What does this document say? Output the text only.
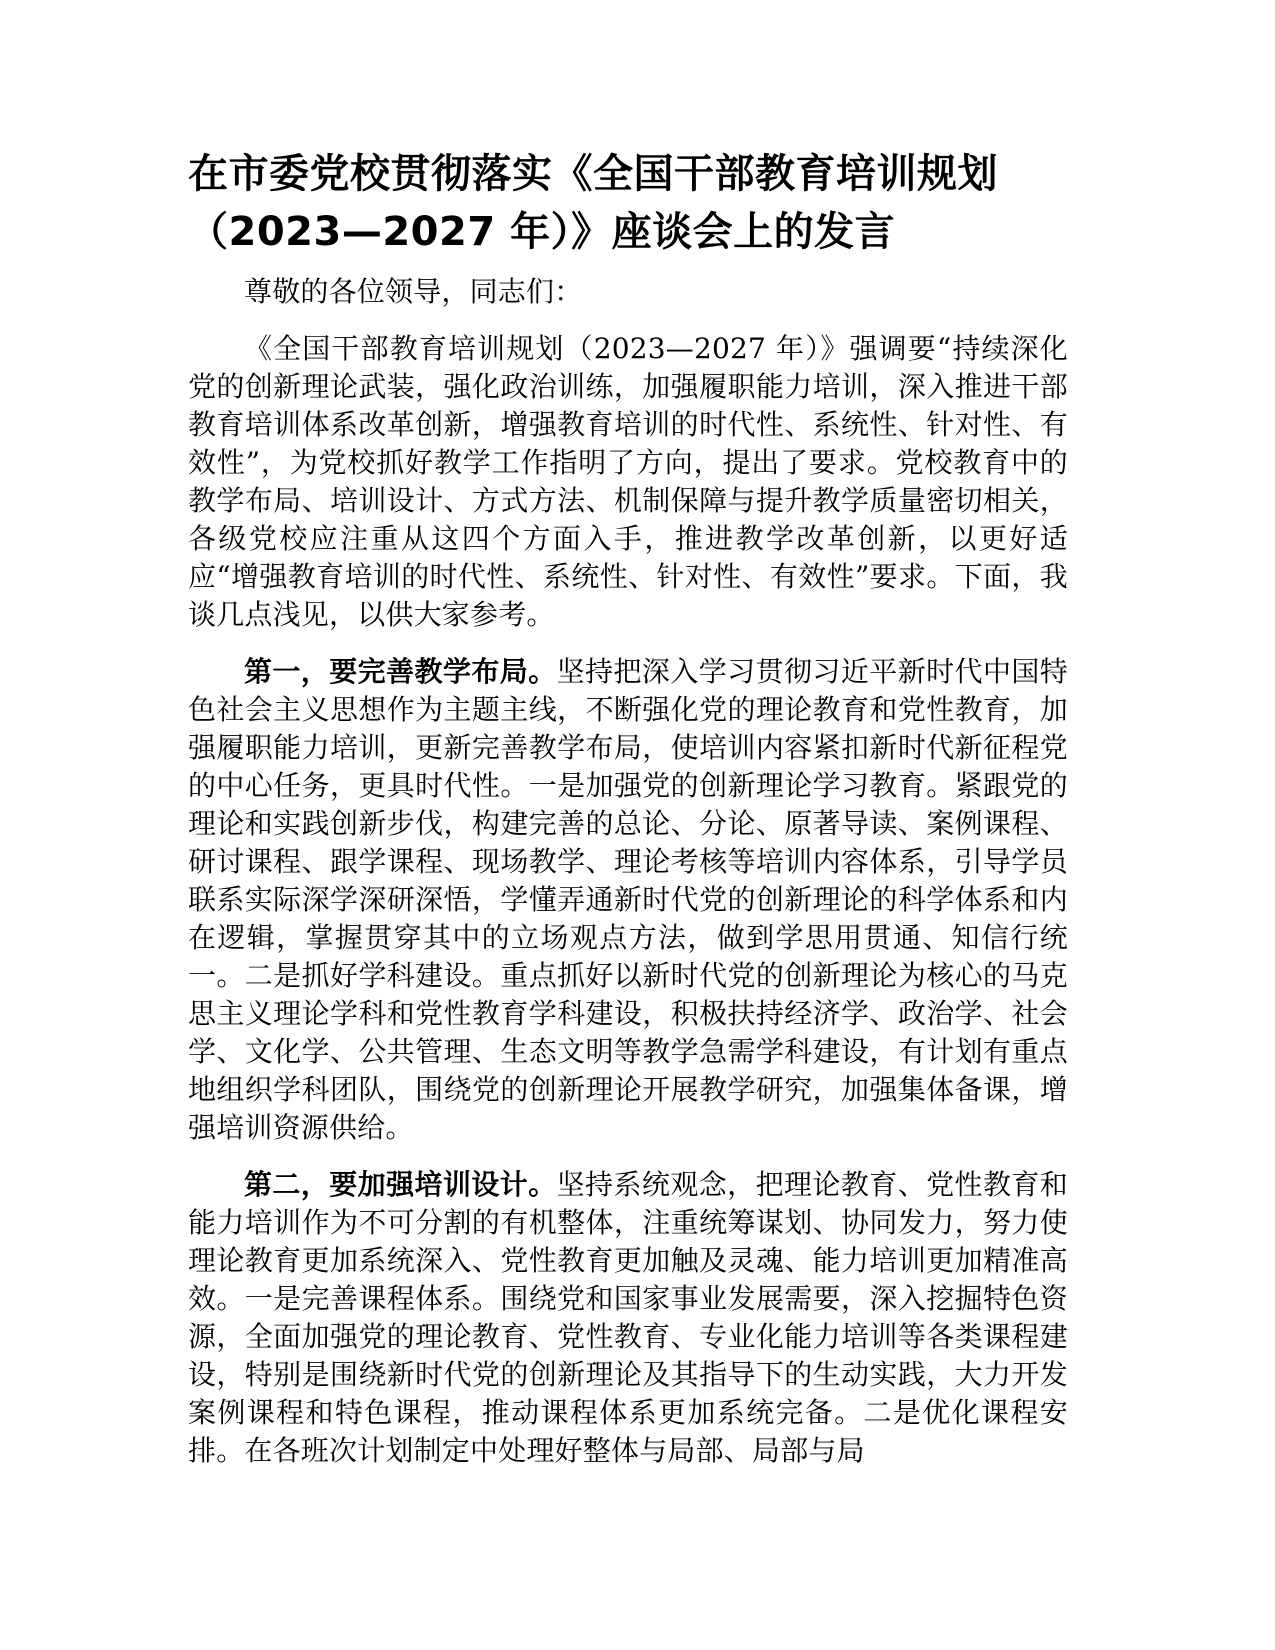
在市委党校贯彻落实《全国干部教育培训规划
（2023—2027 年）》座谈会上的发言

尊敬的各位领导，同志们：

《全国干部教育培训规划（2023—2027 年）》强调要“持续深化党的创新理论武装，强化政治训练，加强履职能力培训，深入推进干部教育培训体系改革创新，增强教育培训的时代性、系统性、针对性、有效性”，为党校抓好教学工作指明了方向，提出了要求。党校教育中的教学布局、培训设计、方式方法、机制保障与提升教学质量密切相关，各级党校应注重从这四个方面入手，推进教学改革创新，以更好适应“增强教育培训的时代性、系统性、针对性、有效性”要求。下面，我谈几点浅见，以供大家参考。

第一，要完善教学布局。坚持把深入学习贯彻习近平新时代中国特色社会主义思想作为主题主线，不断强化党的理论教育和党性教育，加强履职能力培训，更新完善教学布局，使培训内容紧扣新时代新征程党的中心任务，更具时代性。一是加强党的创新理论学习教育。紧跟党的理论和实践创新步伐，构建完善的总论、分论、原著导读、案例课程、研讨课程、跟学课程、现场教学、理论考核等培训内容体系，引导学员联系实际深学深研深悟，学懂弄通新时代党的创新理论的科学体系和内在逻辑，掌握贯穿其中的立场观点方法，做到学思用贯通、知信行统一。二是抓好学科建设。重点抓好以新时代党的创新理论为核心的马克思主义理论学科和党性教育学科建设，积极扶持经济学、政治学、社会学、文化学、公共管理、生态文明等教学急需学科建设，有计划有重点地组织学科团队，围绕党的创新理论开展教学研究，加强集体备课，增强培训资源供给。

第二，要加强培训设计。坚持系统观念，把理论教育、党性教育和能力培训作为不可分割的有机整体，注重统筹谋划、协同发力，努力使理论教育更加系统深入、党性教育更加触及灵魂、能力培训更加精准高效。一是完善课程体系。围绕党和国家事业发展需要，深入挖掘特色资源，全面加强党的理论教育、党性教育、专业化能力培训等各类课程建设，特别是围绕新时代党的创新理论及其指导下的生动实践，大力开发案例课程和特色课程，推动课程体系更加系统完备。二是优化课程安排。在各班次计划制定中处理好整体与局部、局部与局
